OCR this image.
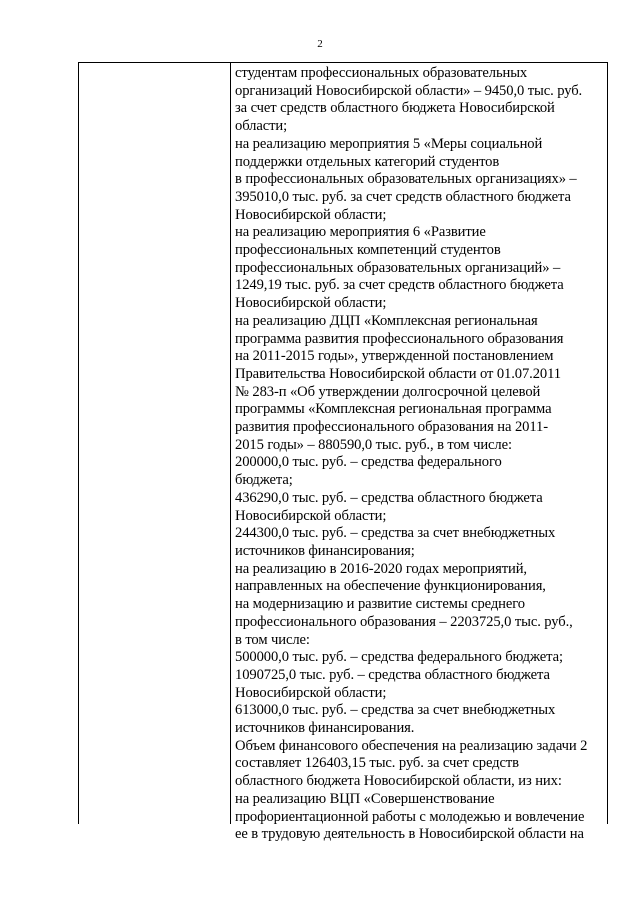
2
студентам профессиональных образовательных
организаций Новосибирской области» – 9450,0 тыс. руб.
за счет средств областного бюджета Новосибирской
области;
на реализацию мероприятия 5 «Меры социальной
поддержки отдельных категорий студентов
в профессиональных образовательных организациях» –
395010,0 тыс. руб. за счет средств областного бюджета
Новосибирской области;
на реализацию мероприятия 6 «Развитие
профессиональных компетенций студентов
профессиональных образовательных организаций» –
1249,19 тыс. руб. за счет средств областного бюджета
Новосибирской области;
на реализацию ДЦП «Комплексная региональная
программа развития профессионального образования
на 2011-2015 годы», утвержденной постановлением
Правительства Новосибирской области от 01.07.2011
№ 283-п «Об утверждении долгосрочной целевой
программы «Комплексная региональная программа
развития профессионального образования на 2011-
2015 годы» – 880590,0 тыс. руб., в том числе:
200000,0 тыс. руб. – средства федерального
бюджета;
436290,0 тыс. руб. – средства областного бюджета
Новосибирской области;
244300,0 тыс. руб. – средства за счет внебюджетных
источников финансирования;
на реализацию в 2016-2020 годах мероприятий,
направленных на обеспечение функционирования,
на модернизацию и развитие системы среднего
профессионального образования – 2203725,0 тыс. руб.,
в том числе:
500000,0 тыс. руб. – средства федерального бюджета;
1090725,0 тыс. руб. – средства областного бюджета
Новосибирской области;
613000,0 тыс. руб. – средства за счет внебюджетных
источников финансирования.
Объем финансового обеспечения на реализацию задачи 2
составляет 126403,15 тыс. руб. за счет средств
областного бюджета Новосибирской области, из них:
на реализацию ВЦП «Совершенствование
профориентационной работы с молодежью и вовлечение
ее в трудовую деятельность в Новосибирской области на
